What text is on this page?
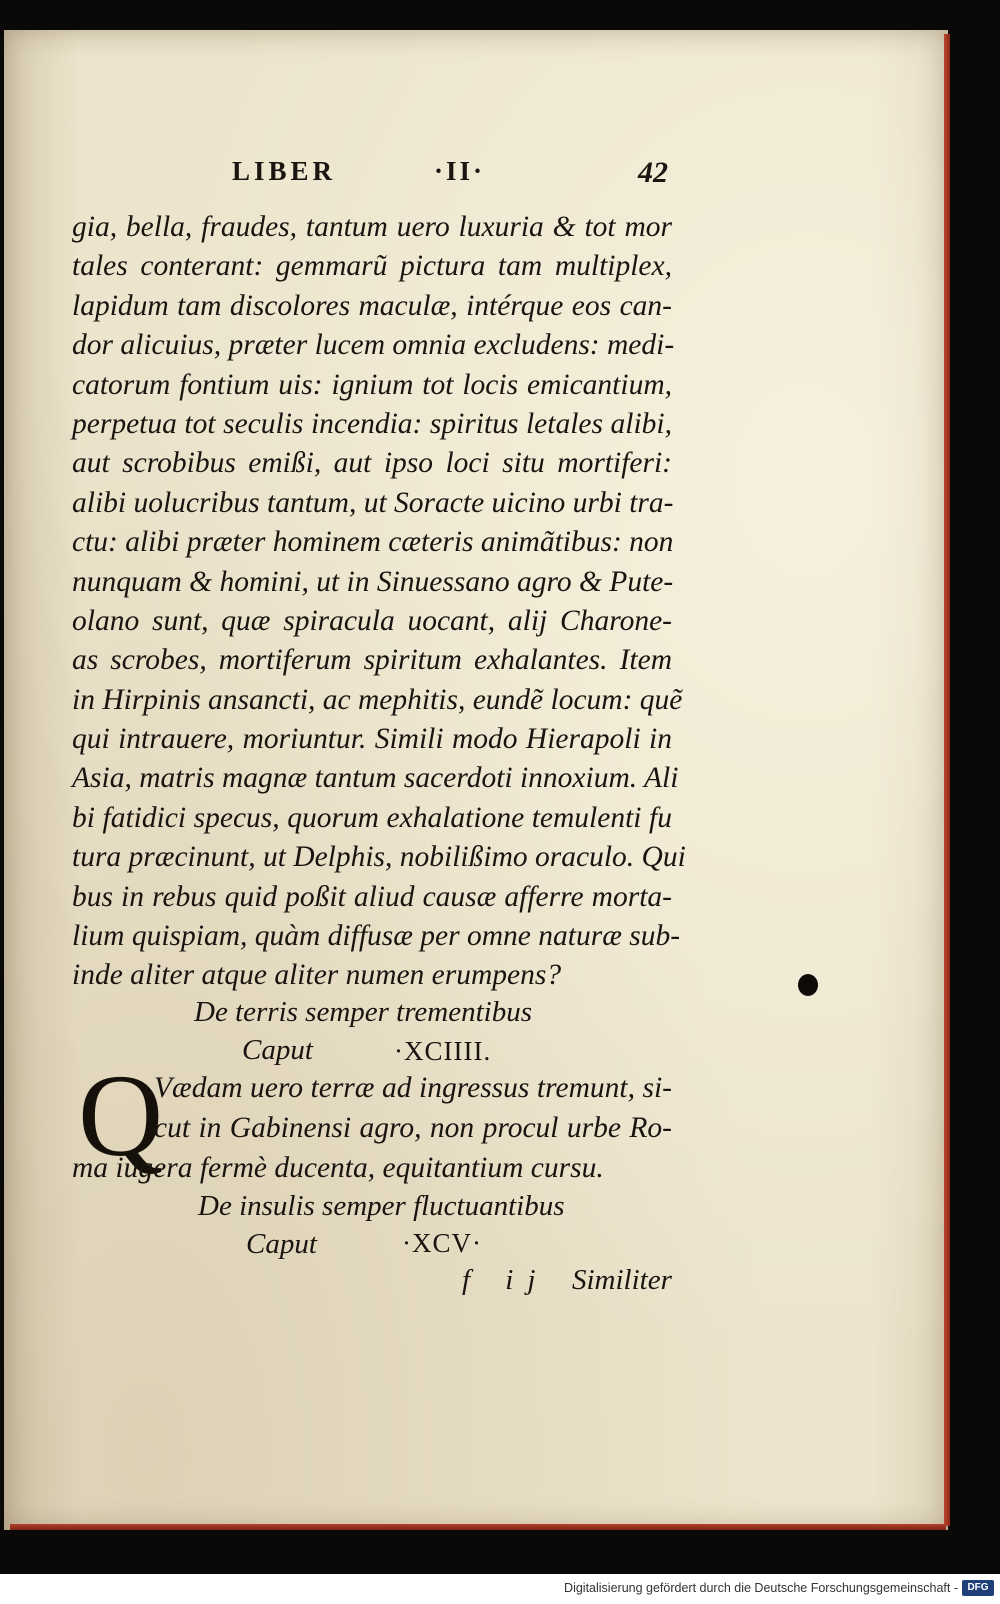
LIBER	·II·	42
gia, bella, fraudes, tantum uero luxuria & tot mor
tales conterant: gemmarũ pictura tam multiplex,
lapidum tam discolores maculæ, intérque eos can-
dor alicuius, præter lucem omnia excludens: medi-
catorum fontium uis: ignium tot locis emicantium,
perpetua tot seculis incendia: spiritus letales alibi,
aut scrobibus emißi, aut ipso loci situ mortiferi:
alibi uolucribus tantum, ut Soracte uicino urbi tra-
ctu: alibi præter hominem cæteris animãtibus: non
nunquam & homini, ut in Sinuessano agro & Pute-
olano sunt, quæ spiracula uocant, alij Charone-
as scrobes, mortiferum spiritum exhalantes. Item
in Hirpinis ansancti, ac mephitis, eundẽ locum: quẽ
qui intrauere, moriuntur. Simili modo Hierapoli in
Asia, matris magnæ tantum sacerdoti innoxium. Ali
bi fatidici specus, quorum exhalatione temulenti fu
tura præcinunt, ut Delphis, nobilißimo oraculo. Qui
bus in rebus quid poßit aliud causæ afferre morta-
lium quispiam, quàm diffusæ per omne naturæ sub-
inde aliter atque aliter numen erumpens?
De terris semper trementibus
Caput	·XCIIII.
Q
Vædam uero terræ ad ingressus tremunt, si-
cut in Gabinensi agro, non procul urbe Ro-
ma iugera fermè ducenta, equitantium cursu.
De insulis semper fluctuantibus
Caput	·XCV·
f ij Similiter
Digitalisierung gefördert durch die Deutsche Forschungsgemeinschaft - DFG
